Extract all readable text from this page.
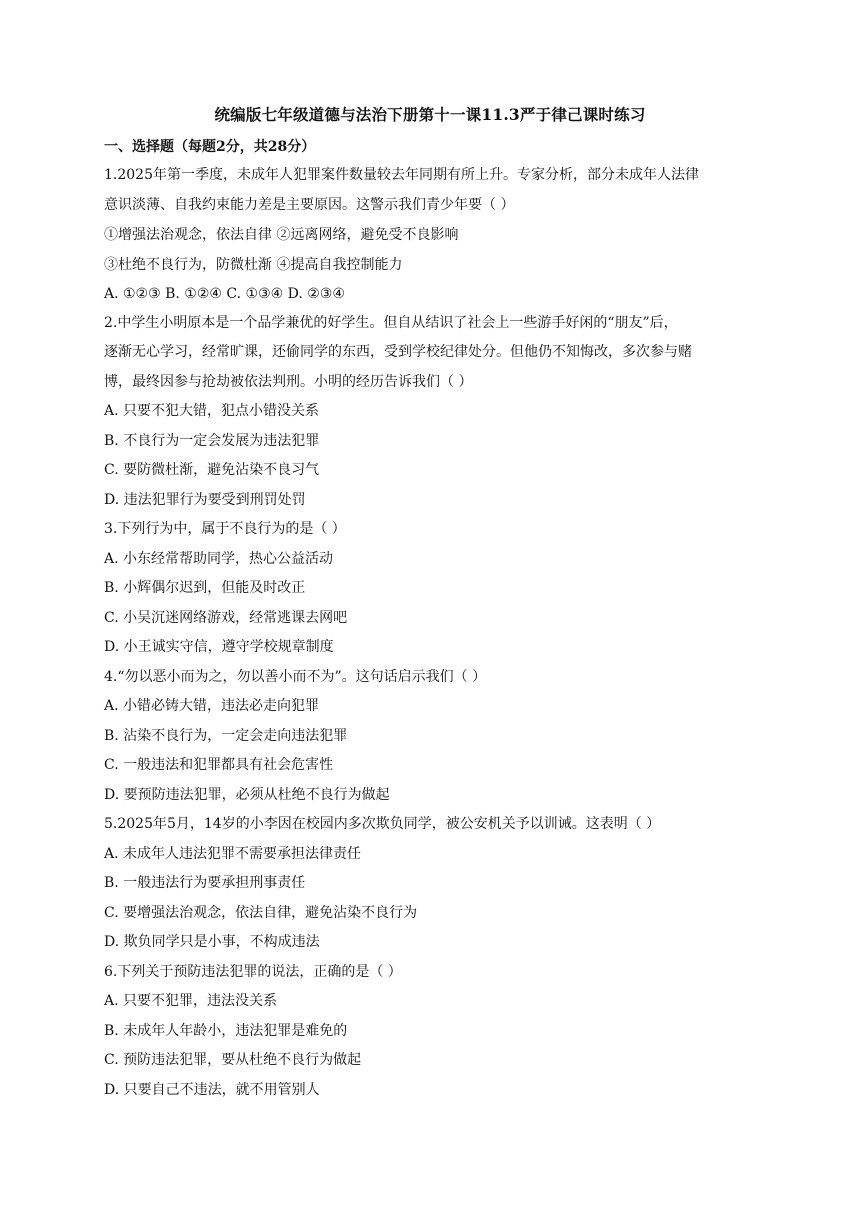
统编版七年级道德与法治下册第十一课11.3严于律己课时练习
一、选择题（每题2分，共28分）
1.2025年第一季度，未成年人犯罪案件数量较去年同期有所上升。专家分析，部分未成年人法律
意识淡薄、自我约束能力差是主要原因。这警示我们青少年要（ ）
①增强法治观念，依法自律 ②远离网络，避免受不良影响
③杜绝不良行为，防微杜渐 ④提高自我控制能力
A. ①②③ B. ①②④ C. ①③④ D. ②③④
2.中学生小明原本是一个品学兼优的好学生。但自从结识了社会上一些游手好闲的“朋友”后，
逐渐无心学习，经常旷课，还偷同学的东西，受到学校纪律处分。但他仍不知悔改，多次参与赌
博，最终因参与抢劫被依法判刑。小明的经历告诉我们（ ）
A. 只要不犯大错，犯点小错没关系
B. 不良行为一定会发展为违法犯罪
C. 要防微杜渐，避免沾染不良习气
D. 违法犯罪行为要受到刑罚处罚
3.下列行为中，属于不良行为的是（ ）
A. 小东经常帮助同学，热心公益活动
B. 小辉偶尔迟到，但能及时改正
C. 小吴沉迷网络游戏，经常逃课去网吧
D. 小王诚实守信，遵守学校规章制度
4.“勿以恶小而为之，勿以善小而不为”。这句话启示我们（ ）
A. 小错必铸大错，违法必走向犯罪
B. 沾染不良行为，一定会走向违法犯罪
C. 一般违法和犯罪都具有社会危害性
D. 要预防违法犯罪，必须从杜绝不良行为做起
5.2025年5月，14岁的小李因在校园内多次欺负同学，被公安机关予以训诫。这表明（ ）
A. 未成年人违法犯罪不需要承担法律责任
B. 一般违法行为要承担刑事责任
C. 要增强法治观念，依法自律，避免沾染不良行为
D. 欺负同学只是小事，不构成违法
6.下列关于预防违法犯罪的说法，正确的是（ ）
A. 只要不犯罪，违法没关系
B. 未成年人年龄小，违法犯罪是难免的
C. 预防违法犯罪，要从杜绝不良行为做起
D. 只要自己不违法，就不用管别人
